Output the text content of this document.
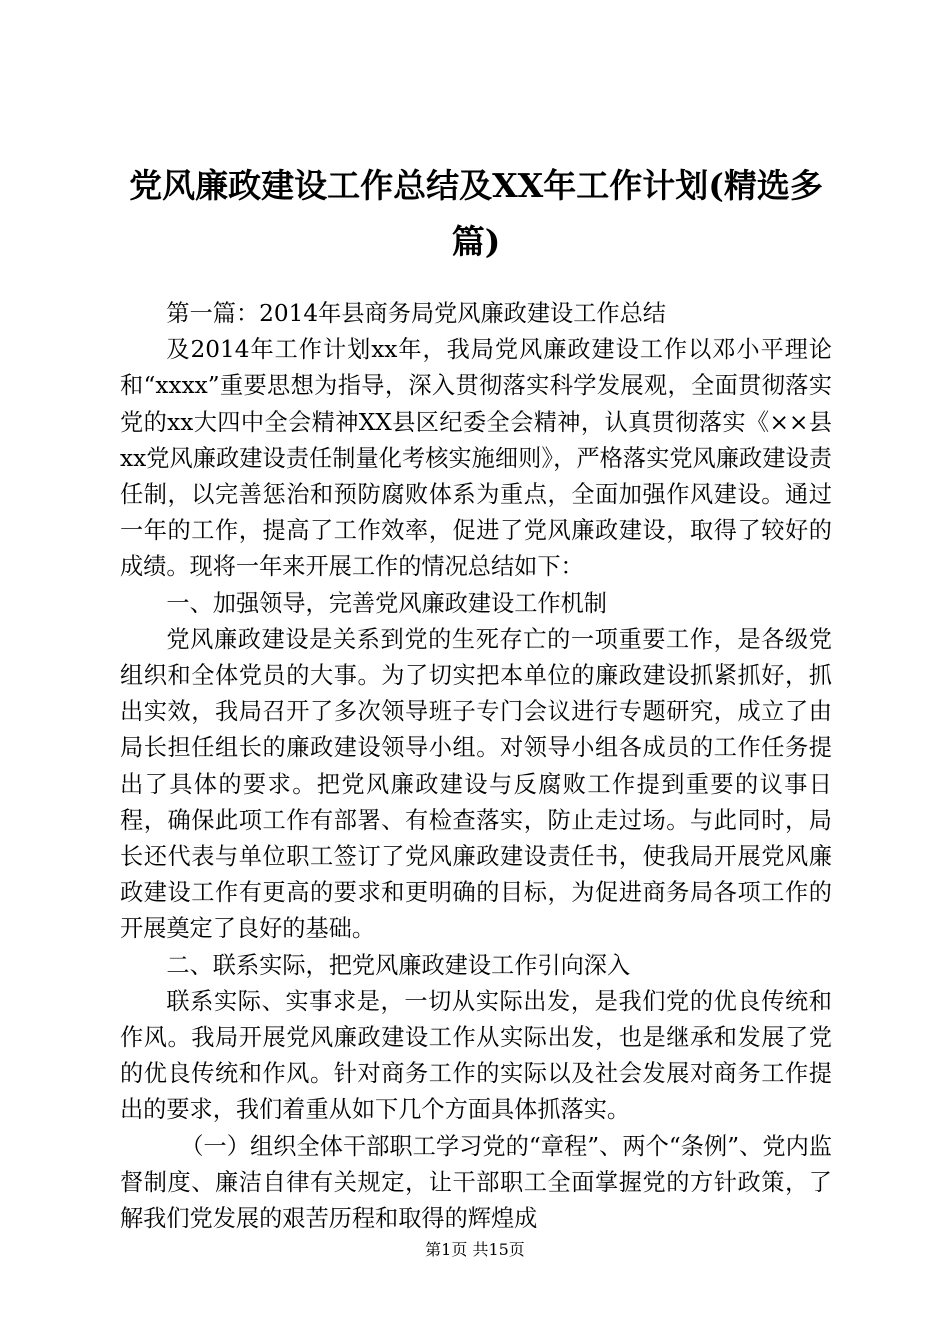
党风廉政建设工作总结及XX年工作计划(精选多篇)

第一篇：2014年县商务局党风廉政建设工作总结

及2014年工作计划xx年，我局党风廉政建设工作以邓小平理论和“xxxx”重要思想为指导，深入贯彻落实科学发展观，全面贯彻落实党的xx大四中全会精神XX县区纪委全会精神，认真贯彻落实《××县xx党风廉政建设责任制量化考核实施细则》，严格落实党风廉政建设责任制，以完善惩治和预防腐败体系为重点，全面加强作风建设。通过一年的工作，提高了工作效率，促进了党风廉政建设，取得了较好的成绩。现将一年来开展工作的情况总结如下：

一、加强领导，完善党风廉政建设工作机制

党风廉政建设是关系到党的生死存亡的一项重要工作，是各级党组织和全体党员的大事。为了切实把本单位的廉政建设抓紧抓好，抓出实效，我局召开了多次领导班子专门会议进行专题研究，成立了由局长担任组长的廉政建设领导小组。对领导小组各成员的工作任务提出了具体的要求。把党风廉政建设与反腐败工作提到重要的议事日程，确保此项工作有部署、有检查落实，防止走过场。与此同时，局长还代表与单位职工签订了党风廉政建设责任书，使我局开展党风廉政建设工作有更高的要求和更明确的目标，为促进商务局各项工作的开展奠定了良好的基础。

二、联系实际，把党风廉政建设工作引向深入

联系实际、实事求是，一切从实际出发，是我们党的优良传统和作风。我局开展党风廉政建设工作从实际出发，也是继承和发展了党的优良传统和作风。针对商务工作的实际以及社会发展对商务工作提出的要求，我们着重从如下几个方面具体抓落实。

（一）组织全体干部职工学习党的“章程”、两个“条例”、党内监督制度、廉洁自律有关规定，让干部职工全面掌握党的方针政策，了解我们党发展的艰苦历程和取得的辉煌成

第1页 共15页
